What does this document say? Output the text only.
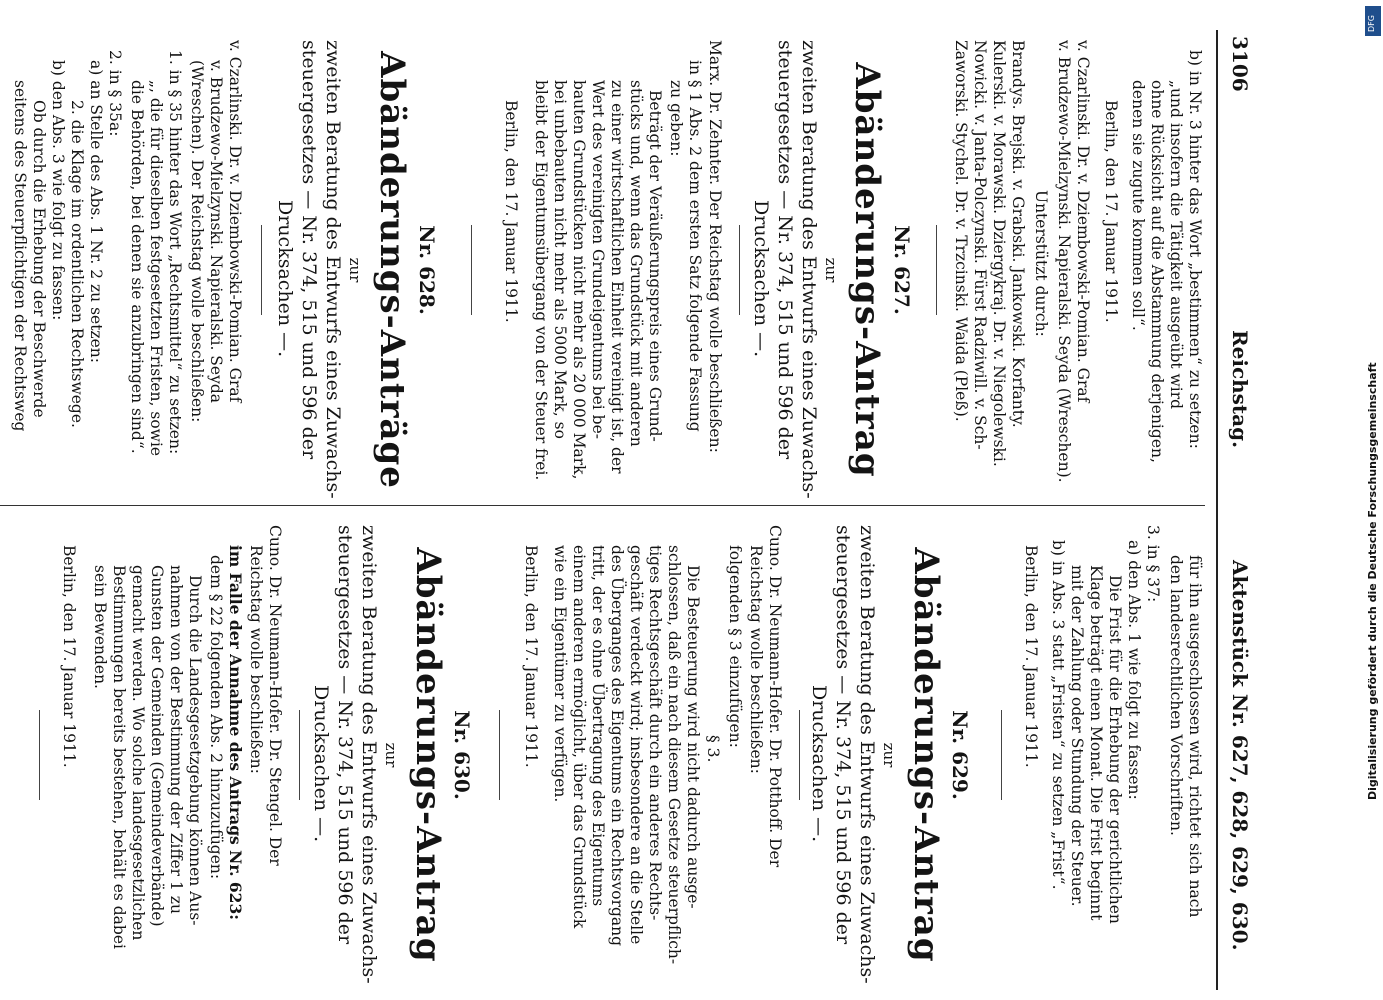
3106
Reichstag.
Aktenstück Nr. 627, 628, 629, 630.
b) in Nr. 3 hinter das Wort „bestimmen“ zu setzen:
„und insofern die Tätigkeit ausgeübt wird
ohne Rücksicht auf die Abstammung derjenigen,
denen sie zugute kommen soll“.
Berlin, den 17. Januar 1911.
v. Czarlinski. Dr. v. Dziembowski-Pomian. Graf
v. Brudzewo-Mielzynski. Napieralski. Seyda (Wreschen).
Unterstützt durch:
Brandys. Brejski. v. Grabski. Jankowski. Korfanty.
Kulerski. v. Morawski. Dziergykraj. Dr. v. Niegolewski.
Nowicki. v. Janta-Polczynski. Fürst Radziwill. v. Sch-
Zaworski. Stychel. Dr. v. Trzcinski. Waida (Pleß).
Nr. 627.
Abänderungs-Antrag
zur
zweiten Beratung des Entwurfs eines Zuwachs-
steuergesetzes — Nr. 374, 515 und 596 der
Drucksachen —.
Marx. Dr. Zehnter. Der Reichstag wolle beschließen:
in § 1 Abs. 2 dem ersten Satz folgende Fassung
zu geben:
Beträgt der Veräußerungspreis eines Grund-
stücks und, wenn das Grundstück mit anderen
zu einer wirtschaftlichen Einheit vereinigt ist, der
Wert des vereinigten Grundeigentums bei be-
bauten Grundstücken nicht mehr als 20 000 Mark,
bei unbebauten nicht mehr als 5000 Mark, so
bleibt der Eigentumsübergang von der Steuer frei.
Berlin, den 17. Januar 1911.
Nr. 628.
Abänderungs-Anträge
zur
zweiten Beratung des Entwurfs eines Zuwachs-
steuergesetzes — Nr. 374, 515 und 596 der
Drucksachen —.
v. Czarlinski. Dr. v. Dziembowski-Pomian. Graf
v. Brudzewo-Mielzynski. Napieralski. Seyda
(Wreschen). Der Reichstag wolle beschließen:
1. in § 35 hinter das Wort „Rechtsmittel“ zu setzen:
„, die für dieselben festgesetzten Fristen, sowie
die Behörden, bei denen sie anzubringen sind“.
2. in § 35a:
a) an Stelle des Abs. 1 Nr. 2 zu setzen:
2. die Klage im ordentlichen Rechtswege.
b) den Abs. 3 wie folgt zu fassen:
Ob durch die Erhebung der Beschwerde
seitens des Steuerpflichtigen der Rechtsweg
für ihn ausgeschlossen wird, richtet sich nach
den landesrechtlichen Vorschriften.
3. in § 37:
a) den Abs. 1 wie folgt zu fassen:
Die Frist für die Erhebung der gerichtlichen
Klage beträgt einen Monat. Die Frist beginnt
mit der Zahlung oder Stundung der Steuer.
b) in Abs. 3 statt „Fristen“ zu setzen „Frist“.
Berlin, den 17. Januar 1911.
Nr. 629.
Abänderungs-Antrag
zur
zweiten Beratung des Entwurfs eines Zuwachs-
steuergesetzes — Nr. 374, 515 und 596 der
Drucksachen —.
Cuno. Dr. Neumann-Hofer. Dr. Potthoff. Der
Reichstag wolle beschließen:
folgenden § 3 einzufügen:
§ 3.
Die Besteuerung wird nicht dadurch ausge-
schlossen, daß ein nach diesem Gesetze steuerpflich-
tiges Rechtsgeschäft durch ein anderes Rechts-
geschäft verdeckt wird; insbesondere an die Stelle
des Überganges des Eigentums ein Rechtsvorgang
tritt, der es ohne Übertragung des Eigentums
einem anderen ermöglicht, über das Grundstück
wie ein Eigentümer zu verfügen.
Berlin, den 17. Januar 1911.
Nr. 630.
Abänderungs-Antrag
zur
zweiten Beratung des Entwurfs eines Zuwachs-
steuergesetzes — Nr. 374, 515 und 596 der
Drucksachen —.
Cuno. Dr. Neumann-Hofer. Dr. Stengel. Der
Reichstag wolle beschließen:
im Falle der Annahme des Antrags Nr. 623:
dem § 22 folgenden Abs. 2 hinzuzufügen:
Durch die Landesgesetzgebung können Aus-
nahmen von der Bestimmung der Ziffer 1 zu
Gunsten der Gemeinden (Gemeindeverbände)
gemacht werden. Wo solche landesgesetzlichen
Bestimmungen bereits bestehen, behält es dabei
sein Bewenden.
Berlin, den 17. Januar 1911.	Digitalisierung gefördert durch die Deutsche Forschungsgemeinschaft
DFG
